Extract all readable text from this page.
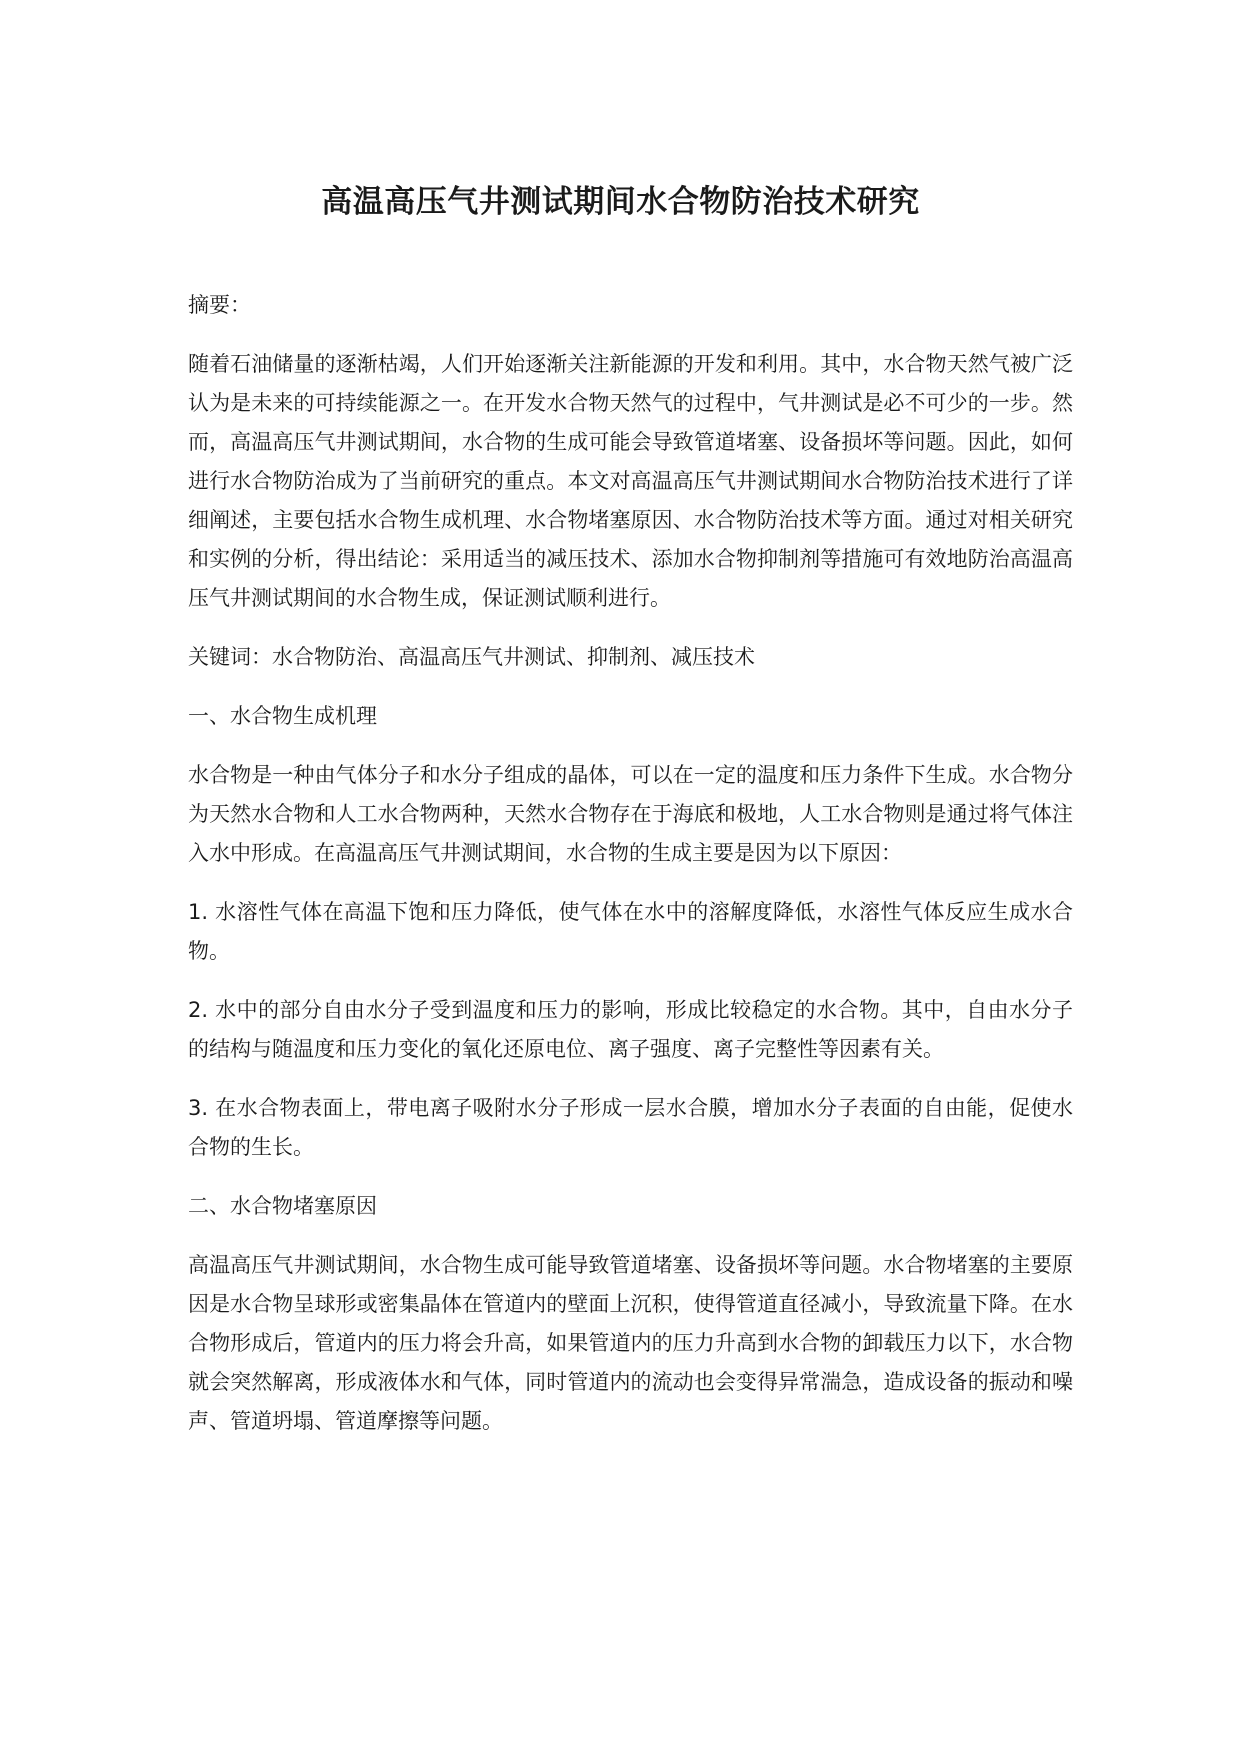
高温高压气井测试期间水合物防治技术研究

摘要：

随着石油储量的逐渐枯竭，人们开始逐渐关注新能源的开发和利用。其中，水合物天然气被广泛认为是未来的可持续能源之一。在开发水合物天然气的过程中，气井测试是必不可少的一步。然而，高温高压气井测试期间，水合物的生成可能会导致管道堵塞、设备损坏等问题。因此，如何进行水合物防治成为了当前研究的重点。本文对高温高压气井测试期间水合物防治技术进行了详细阐述，主要包括水合物生成机理、水合物堵塞原因、水合物防治技术等方面。通过对相关研究和实例的分析，得出结论：采用适当的减压技术、添加水合物抑制剂等措施可有效地防治高温高压气井测试期间的水合物生成，保证测试顺利进行。

关键词：水合物防治、高温高压气井测试、抑制剂、减压技术

一、水合物生成机理

水合物是一种由气体分子和水分子组成的晶体，可以在一定的温度和压力条件下生成。水合物分为天然水合物和人工水合物两种，天然水合物存在于海底和极地，人工水合物则是通过将气体注入水中形成。在高温高压气井测试期间，水合物的生成主要是因为以下原因：

1. 水溶性气体在高温下饱和压力降低，使气体在水中的溶解度降低，水溶性气体反应生成水合物。

2. 水中的部分自由水分子受到温度和压力的影响，形成比较稳定的水合物。其中，自由水分子的结构与随温度和压力变化的氧化还原电位、离子强度、离子完整性等因素有关。

3. 在水合物表面上，带电离子吸附水分子形成一层水合膜，增加水分子表面的自由能，促使水合物的生长。

二、水合物堵塞原因

高温高压气井测试期间，水合物生成可能导致管道堵塞、设备损坏等问题。水合物堵塞的主要原因是水合物呈球形或密集晶体在管道内的壁面上沉积，使得管道直径减小，导致流量下降。在水合物形成后，管道内的压力将会升高，如果管道内的压力升高到水合物的卸载压力以下，水合物就会突然解离，形成液体水和气体，同时管道内的流动也会变得异常湍急，造成设备的振动和噪声、管道坍塌、管道摩擦等问题。
